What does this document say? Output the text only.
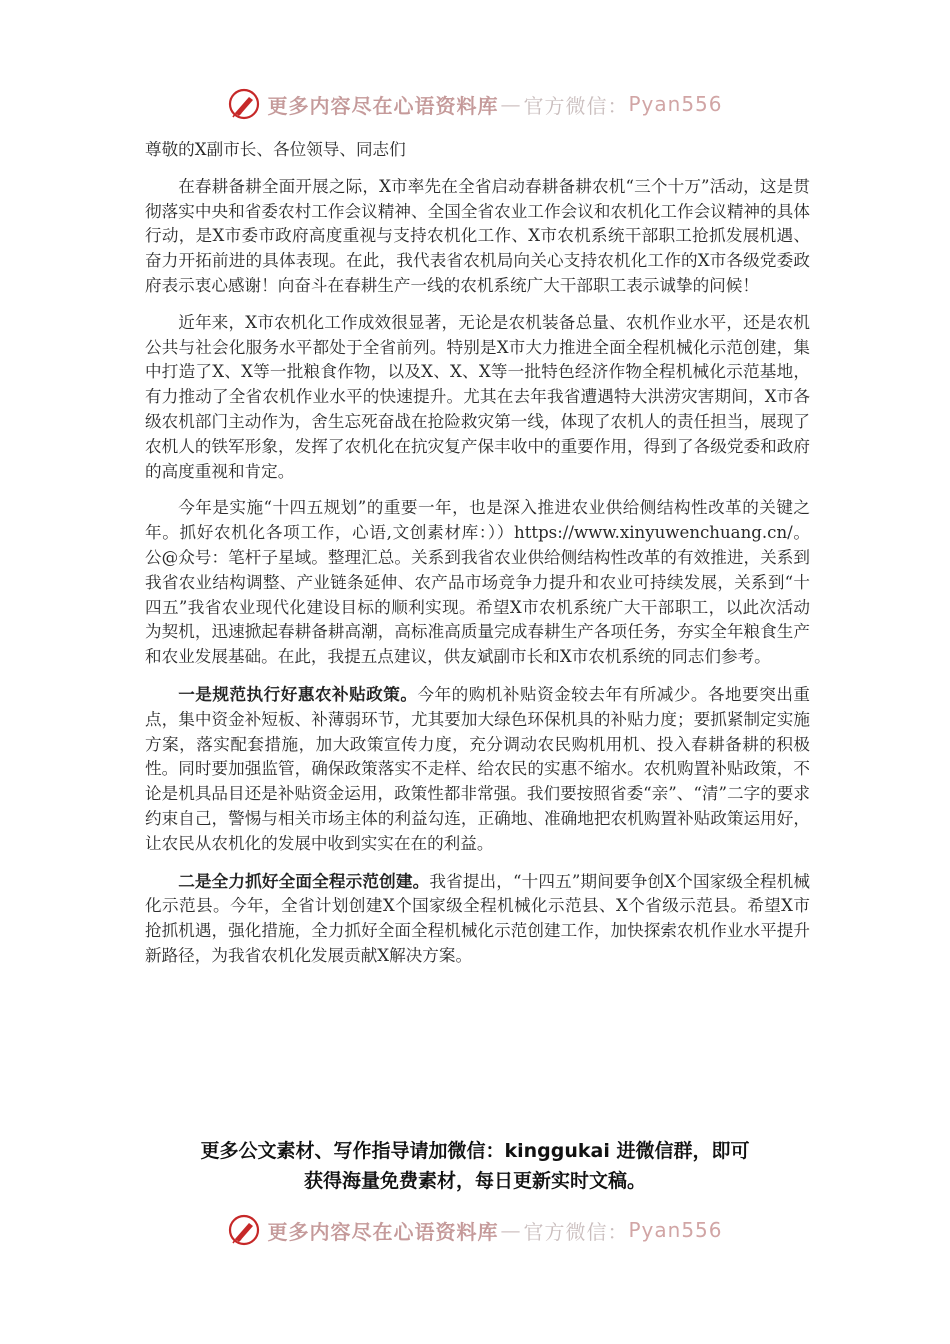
更多内容尽在心语资料库 — 官方微信： Pyan556

尊敬的X副市长、各位领导、同志们

在春耕备耕全面开展之际，X市率先在全省启动春耕备耕农机“三个十万”活动，这是贯彻落实中央和省委农村工作会议精神、全国全省农业工作会议和农机化工作会议精神的具体行动，是X市委市政府高度重视与支持农机化工作、X市农机系统干部职工抢抓发展机遇、奋力开拓前进的具体表现。在此，我代表省农机局向关心支持农机化工作的X市各级党委政府表示衷心感谢！向奋斗在春耕生产一线的农机系统广大干部职工表示诚挚的问候！

近年来，X市农机化工作成效很显著，无论是农机装备总量、农机作业水平，还是农机公共与社会化服务水平都处于全省前列。特别是X市大力推进全面全程机械化示范创建，集中打造了X、X等一批粮食作物，以及X、X、X等一批特色经济作物全程机械化示范基地，有力推动了全省农机作业水平的快速提升。尤其在去年我省遭遇特大洪涝灾害期间，X市各级农机部门主动作为，舍生忘死奋战在抢险救灾第一线，体现了农机人的责任担当，展现了农机人的铁军形象，发挥了农机化在抗灾复产保丰收中的重要作用，得到了各级党委和政府的高度重视和肯定。

今年是实施“十四五规划”的重要一年，也是深入推进农业供给侧结构性改革的关键之年。抓好农机化各项工作，心语,文创素材库：））https://www.xinyuwenchuang.cn/。公@众号：笔杆子星域。整理汇总。关系到我省农业供给侧结构性改革的有效推进，关系到我省农业结构调整、产业链条延伸、农产品市场竞争力提升和农业可持续发展，关系到“十四五”我省农业现代化建设目标的顺利实现。希望X市农机系统广大干部职工，以此次活动为契机，迅速掀起春耕备耕高潮，高标准高质量完成春耕生产各项任务，夯实全年粮食生产和农业发展基础。在此，我提五点建议，供友斌副市长和X市农机系统的同志们参考。

一是规范执行好惠农补贴政策。今年的购机补贴资金较去年有所减少。各地要突出重点，集中资金补短板、补薄弱环节，尤其要加大绿色环保机具的补贴力度；要抓紧制定实施方案，落实配套措施，加大政策宣传力度，充分调动农民购机用机、投入春耕备耕的积极性。同时要加强监管，确保政策落实不走样、给农民的实惠不缩水。农机购置补贴政策，不论是机具品目还是补贴资金运用，政策性都非常强。我们要按照省委“亲”、“清”二字的要求约束自己，警惕与相关市场主体的利益勾连，正确地、准确地把农机购置补贴政策运用好，让农民从农机化的发展中收到实实在在的利益。

二是全力抓好全面全程示范创建。我省提出，“十四五”期间要争创X个国家级全程机械化示范县。今年，全省计划创建X个国家级全程机械化示范县、X个省级示范县。希望X市抢抓机遇，强化措施，全力抓好全面全程机械化示范创建工作，加快探索农机作业水平提升新路径，为我省农机化发展贡献X解决方案。

更多公文素材、写作指导请加微信：kinggukai 进微信群，即可
获得海量免费素材，每日更新实时文稿。
更多内容尽在心语资料库 — 官方微信： Pyan556
